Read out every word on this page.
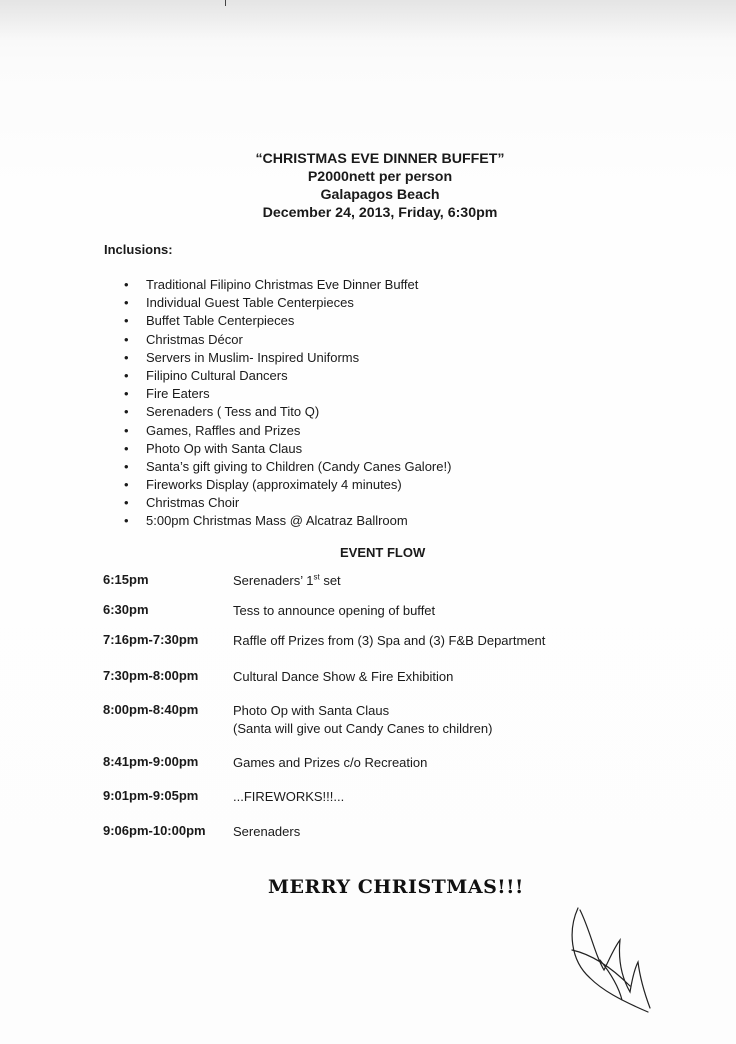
“CHRISTMAS EVE DINNER BUFFET”
P2000nett per person
Galapagos Beach
December 24, 2013, Friday, 6:30pm
Inclusions:
• Traditional Filipino Christmas Eve Dinner Buffet
• Individual Guest Table Centerpieces
• Buffet Table Centerpieces
• Christmas Décor
• Servers in Muslim- Inspired Uniforms
• Filipino Cultural Dancers
• Fire Eaters
• Serenaders ( Tess and Tito Q)
• Games, Raffles and Prizes
• Photo Op with Santa Claus
• Santa’s gift giving to Children (Candy Canes Galore!)
• Fireworks Display (approximately 4 minutes)
• Christmas Choir
• 5:00pm Christmas Mass @ Alcatraz Ballroom
EVENT FLOW
6:15pm	Serenaders’ 1st set
6:30pm	Tess to announce opening of buffet
7:16pm-7:30pm	Raffle off Prizes from (3) Spa and (3) F&B Department
7:30pm-8:00pm	Cultural Dance Show & Fire Exhibition
8:00pm-8:40pm	Photo Op with Santa Claus
(Santa will give out Candy Canes to children)
8:41pm-9:00pm	Games and Prizes c/o Recreation
9:01pm-9:05pm	...FIREWORKS!!!...
9:06pm-10:00pm Serenaders
MERRY CHRISTMAS!!!
